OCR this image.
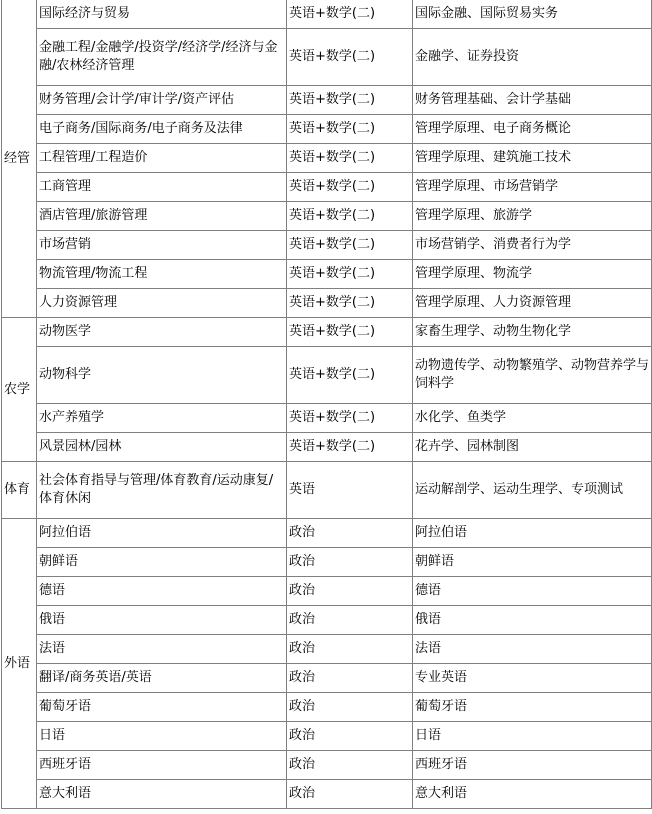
经管	国际经济与贸易	英语+数学(二)	国际金融、国际贸易实务
	金融工程/金融学/投资学/经济学/经济与金融/农林经济管理	英语+数学(二)	金融学、证券投资
	财务管理/会计学/审计学/资产评估	英语+数学(二)	财务管理基础、会计学基础
	电子商务/国际商务/电子商务及法律	英语+数学(二)	管理学原理、电子商务概论
	工程管理/工程造价	英语+数学(二)	管理学原理、建筑施工技术
	工商管理	英语+数学(二)	管理学原理、市场营销学
	酒店管理/旅游管理	英语+数学(二)	管理学原理、旅游学
	市场营销	英语+数学(二)	市场营销学、消费者行为学
	物流管理/物流工程	英语+数学(二)	管理学原理、物流学
	人力资源管理	英语+数学(二)	管理学原理、人力资源管理
农学	动物医学	英语+数学(二)	家畜生理学、动物生物化学
	动物科学	英语+数学(二)	动物遗传学、动物繁殖学、动物营养学与饲料学
	水产养殖学	英语+数学(二)	水化学、鱼类学
	风景园林/园林	英语+数学(二)	花卉学、园林制图
体育	社会体育指导与管理/体育教育/运动康复/体育休闲	英语	运动解剖学、运动生理学、专项测试
外语	阿拉伯语	政治	阿拉伯语
	朝鲜语	政治	朝鲜语
	德语	政治	德语
	俄语	政治	俄语
	法语	政治	法语
	翻译/商务英语/英语	政治	专业英语
	葡萄牙语	政治	葡萄牙语
	日语	政治	日语
	西班牙语	政治	西班牙语
	意大利语	政治	意大利语
